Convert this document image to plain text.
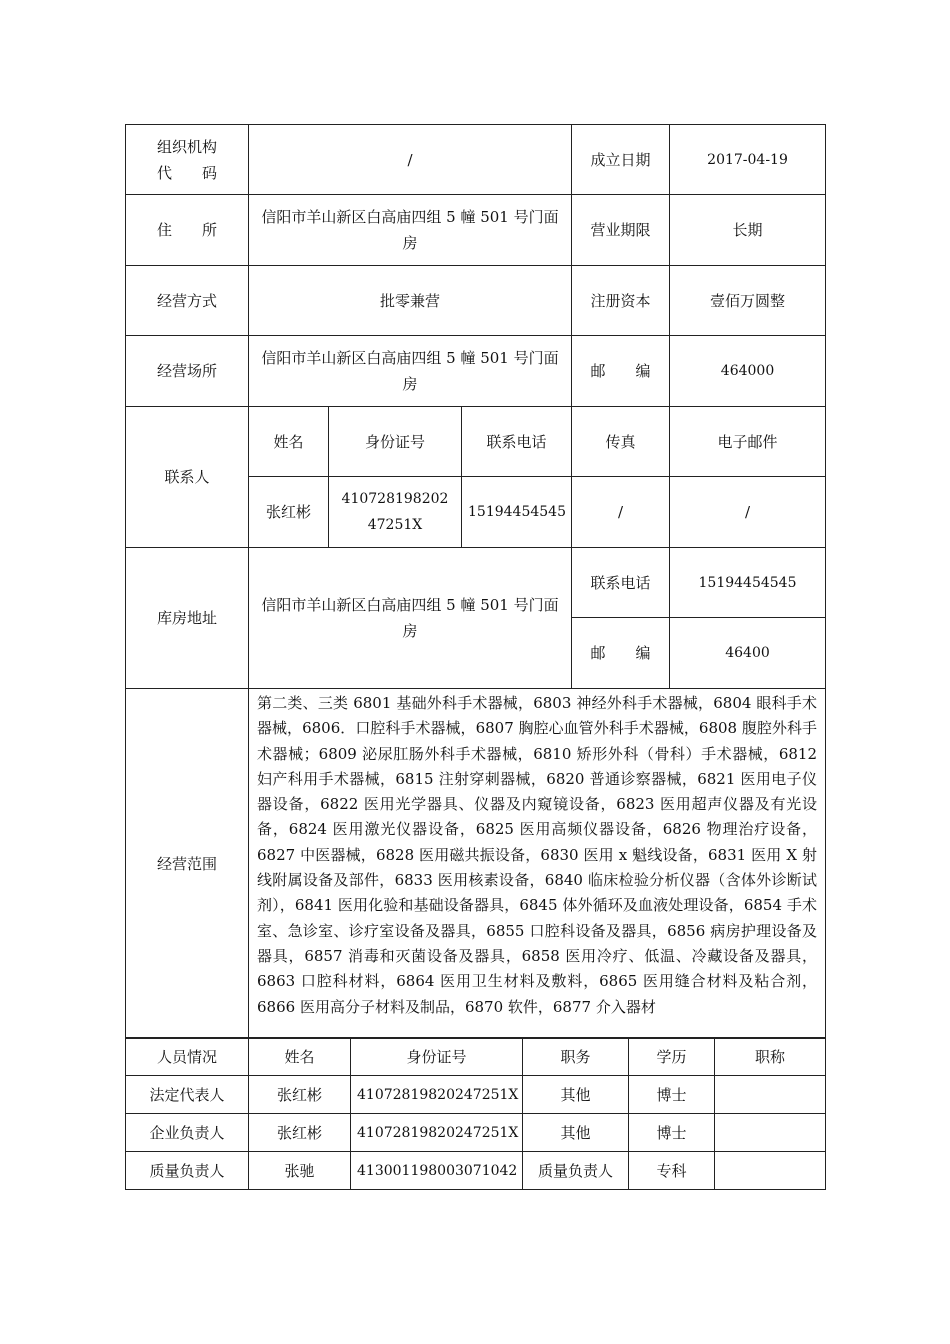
组织机构
代　　码	/			成立日期	2017-04-19
住　　所	信阳市羊山新区白高庙四组 5 幢 501 号门面房			营业期限	长期
经营方式	批零兼营			注册资本	壹佰万圆整
经营场所	信阳市羊山新区白高庙四组 5 幢 501 号门面房			邮　　编	464000
联系人	姓名	身份证号	联系电话	传真	电子邮件
	张红彬	41072819820247251X	15194454545	/	/
库房地址	信阳市羊山新区白高庙四组 5 幢 501 号门面房			联系电话	15194454545
				邮　　编	46400
经营范围	第二类、三类 6801 基础外科手术器械，6803 神经外科手术器械，6804 眼科手术器械，6806．口腔科手术器械，6807 胸腔心血管外科手术器械，6808 腹腔外科手术器械；6809 泌尿肛肠外科手术器械，6810 矫形外科（骨科）手术器械，6812 妇产科用手术器械，6815 注射穿刺器械，6820 普通诊察器械，6821 医用电子仪器设备，6822 医用光学器具、仪器及内窥镜设备，6823 医用超声仪器及有光设备，6824 医用激光仪器设备，6825 医用高频仪器设备，6826 物理治疗设备，6827 中医器械，6828 医用磁共振设备，6830 医用 x 魁线设备，6831 医用 X 射线附属设备及部件，6833 医用核素设备，6840 临床检验分析仪器（含体外诊断试剂），6841 医用化验和基础设备器具，6845 体外循环及血液处理设备，6854 手术室、急诊室、诊疗室设备及器具，6855 口腔科设备及器具，6856 病房护理设备及器具，6857 消毒和灭菌设备及器具，6858 医用冷疗、低温、冷藏设备及器具，6863 口腔科材料，6864 医用卫生材料及敷料，6865 医用缝合材料及粘合剂，6866 医用高分子材料及制品，6870 软件，6877 介入器材				
人员情况	姓名	身份证号	职务	学历	职称
法定代表人	张红彬	41072819820247251X	其他	博士	
企业负责人	张红彬	41072819820247251X	其他	博士	
质量负责人	张驰	413001198003071042	质量负责人	专科	
